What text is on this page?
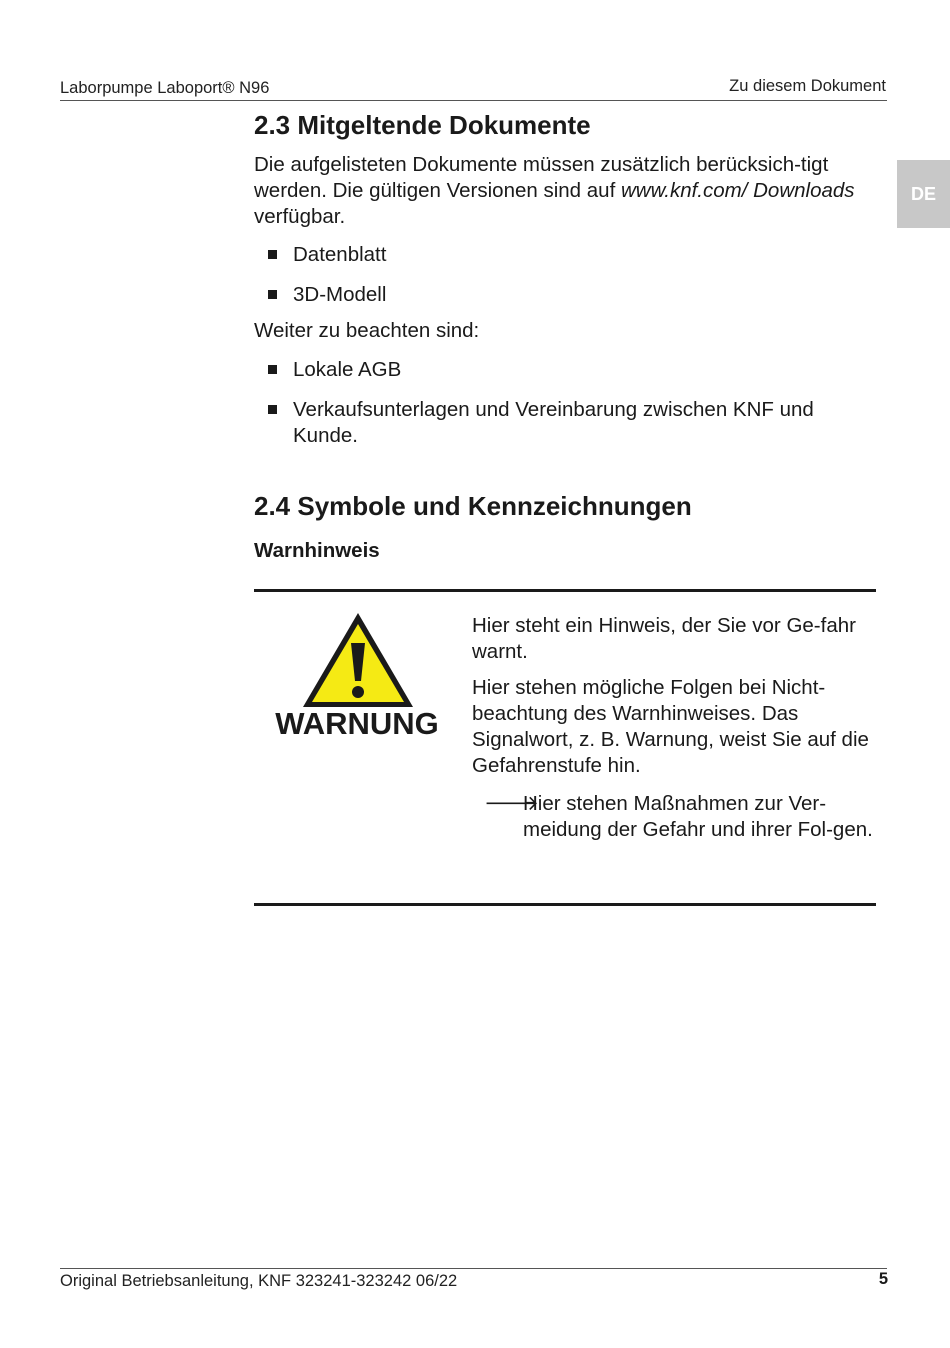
Laborpumpe Laboport® N96	Zu diesem Dokument
DE
2.3 Mitgeltende Dokumente

Die aufgelisteten Dokumente müssen zusätzlich berücksich-tigt werden. Die gültigen Versionen sind auf www.knf.com/ Downloads verfügbar.

Datenblatt
3D-Modell

Weiter zu beachten sind:

Lokale AGB
Verkaufsunterlagen und Vereinbarung zwischen KNF und Kunde.
2.4 Symbole und Kennzeichnungen
Warnhinweis
WARNUNG
Hier steht ein Hinweis, der Sie vor Ge-fahr warnt.
Hier stehen mögliche Folgen bei Nicht-beachtung des Warnhinweises. Das Signalwort, z. B. Warnung, weist Sie auf die Gefahrenstufe hin.
🡒
Hier stehen Maßnahmen zur Ver-meidung der Gefahr und ihrer Fol-gen.
Original Betriebsanleitung, KNF 323241-323242 06/22	5
